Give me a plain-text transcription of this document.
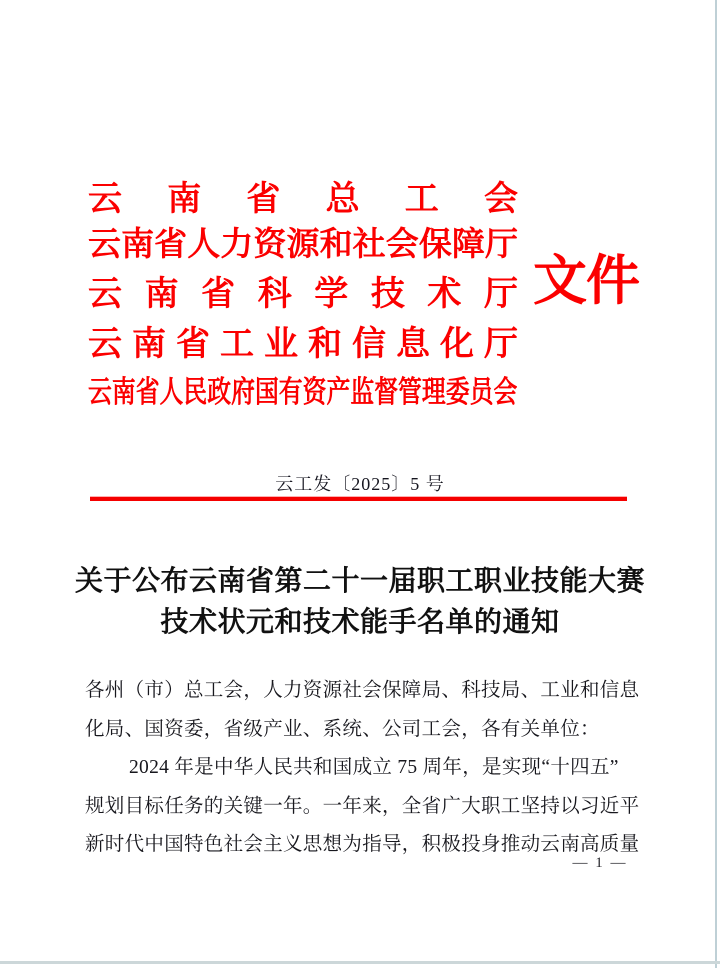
云南省总工会
云南省人力资源和社会保障厅
云南省科学技术厅
云南省工业和信息化厅
云南省人民政府国有资产监督管理委员会
文件
云工发〔2025〕5 号
关于公布云南省第二十一届职工职业技能大赛
技术状元和技术能手名单的通知
各州（市）总工会，人力资源社会保障局、科技局、工业和信息
化局、国资委，省级产业、系统、公司工会，各有关单位：
2024 年是中华人民共和国成立 75 周年，是实现“十四五”
规划目标任务的关键一年。一年来，全省广大职工坚持以习近平
新时代中国特色社会主义思想为指导，积极投身推动云南高质量
— 1 —
